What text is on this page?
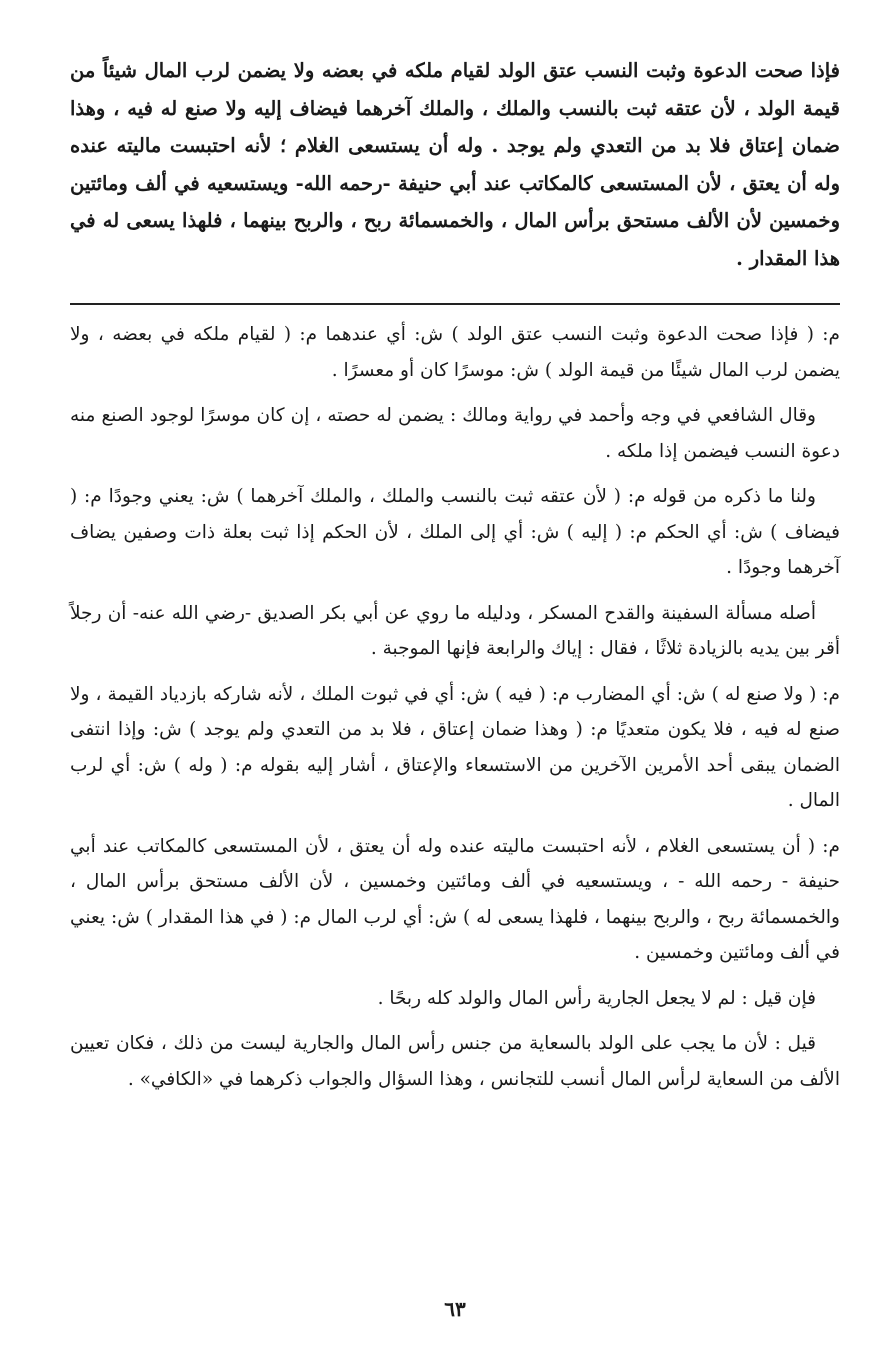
فإذا صحت الدعوة وثبت النسب عتق الولد لقيام ملكه في بعضه ولا يضمن لرب المال شيئاً من قيمة الولد ، لأن عتقه ثبت بالنسب والملك ، والملك آخرهما فيضاف إليه ولا صنع له فيه ، وهذا ضمان إعتاق فلا بد من التعدي ولم يوجد . وله أن يستسعى الغلام ؛ لأنه احتبست ماليته عنده وله أن يعتق ، لأن المستسعى كالمكاتب عند أبي حنيفة -رحمه الله- ويستسعيه في ألف ومائتين وخمسين لأن الألف مستحق برأس المال ، والخمسمائة ربح ، والربح بينهما ، فلهذا يسعى له في هذا المقدار .

م: ( فإذا صحت الدعوة وثبت النسب عتق الولد ) ش: أي عندهما م: ( لقيام ملكه في بعضه ، ولا يضمن لرب المال شيئًا من قيمة الولد ) ش: موسرًا كان أو معسرًا .

وقال الشافعي في وجه وأحمد في رواية ومالك : يضمن له حصته ، إن كان موسرًا لوجود الصنع منه دعوة النسب فيضمن إذا ملكه .

ولنا ما ذكره من قوله م: ( لأن عتقه ثبت بالنسب والملك ، والملك آخرهما ) ش: يعني وجودًا م: ( فيضاف ) ش: أي الحكم م: ( إليه ) ش: أي إلى الملك ، لأن الحكم إذا ثبت بعلة ذات وصفين يضاف آخرهما وجودًا .

أصله مسألة السفينة والقدح المسكر ، ودليله ما روي عن أبي بكر الصديق -رضي الله عنه- أن رجلاً أقر بين يديه بالزيادة ثلاثًا ، فقال : إياك والرابعة فإنها الموجبة .

م: ( ولا صنع له ) ش: أي المضارب م: ( فيه ) ش: أي في ثبوت الملك ، لأنه شاركه بازدياد القيمة ، ولا صنع له فيه ، فلا يكون متعديًا م: ( وهذا ضمان إعتاق ، فلا بد من التعدي ولم يوجد ) ش: وإذا انتفى الضمان يبقى أحد الأمرين الآخرين من الاستسعاء والإعتاق ، أشار إليه بقوله م: ( وله ) ش: أي لرب المال .

م: ( أن يستسعى الغلام ، لأنه احتبست ماليته عنده وله أن يعتق ، لأن المستسعى كالمكاتب عند أبي حنيفة - رحمه الله - ، ويستسعيه في ألف ومائتين وخمسين ، لأن الألف مستحق برأس المال ، والخمسمائة ربح ، والربح بينهما ، فلهذا يسعى له ) ش: أي لرب المال م: ( في هذا المقدار ) ش: يعني في ألف ومائتين وخمسين .

فإن قيل : لم لا يجعل الجارية رأس المال والولد كله ربحًا .

قيل : لأن ما يجب على الولد بالسعاية من جنس رأس المال والجارية ليست من ذلك ، فكان تعيين الألف من السعاية لرأس المال أنسب للتجانس ، وهذا السؤال والجواب ذكرهما في «الكافي» .

٦٣
